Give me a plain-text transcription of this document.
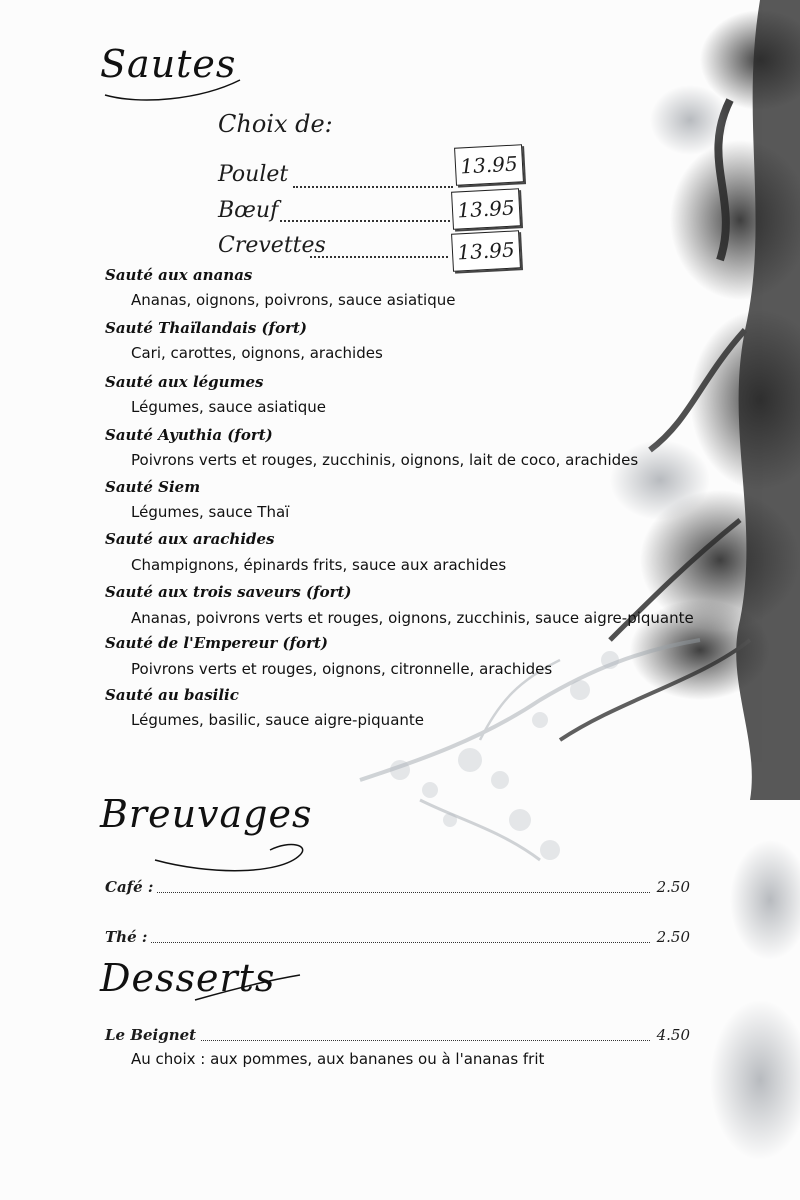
Sautes
Choix de:
Poulet	13.95
Bœuf	13.95
Crevettes	13.95
Sauté aux ananas
Ananas, oignons, poivrons, sauce asiatique
Sauté Thaïlandais (fort)
Cari, carottes, oignons, arachides
Sauté aux légumes
Légumes, sauce asiatique
Sauté Ayuthia (fort)
Poivrons verts et rouges, zucchinis, oignons, lait de coco, arachides
Sauté Siem
Légumes, sauce Thaï
Sauté aux arachides
Champignons, épinards frits, sauce aux arachides
Sauté aux trois saveurs (fort)
Ananas, poivrons verts et rouges, oignons, zucchinis, sauce aigre-piquante
Sauté de l'Empereur (fort)
Poivrons verts et rouges, oignons, citronnelle, arachides
Sauté au basilic
Légumes, basilic, sauce aigre-piquante
Breuvages
Café :	2.50
Thé :	2.50
Desserts
Le Beignet	4.50
Au choix : aux pommes, aux bananes ou à l'ananas frit
